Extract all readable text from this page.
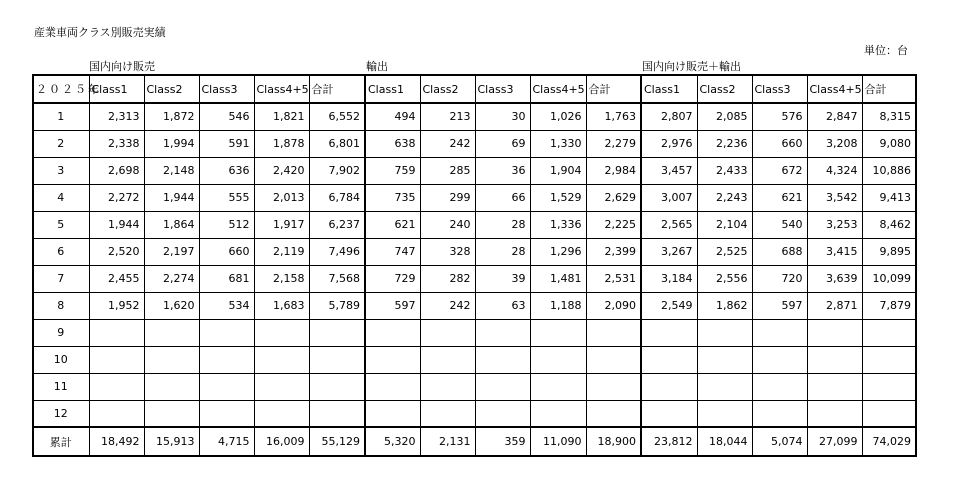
産業車両クラス別販売実績
単位：台
国内向け販売	輸出	国内向け販売＋輸出
２０２５年	Class1	Class2	Class3	Class4+5	合計	Class1	Class2	Class3	Class4+5	合計	Class1	Class2	Class3	Class4+5	合計
1	2,313	1,872	546	1,821	6,552	494	213	30	1,026	1,763	2,807	2,085	576	2,847	8,315
2	2,338	1,994	591	1,878	6,801	638	242	69	1,330	2,279	2,976	2,236	660	3,208	9,080
3	2,698	2,148	636	2,420	7,902	759	285	36	1,904	2,984	3,457	2,433	672	4,324	10,886
4	2,272	1,944	555	2,013	6,784	735	299	66	1,529	2,629	3,007	2,243	621	3,542	9,413
5	1,944	1,864	512	1,917	6,237	621	240	28	1,336	2,225	2,565	2,104	540	3,253	8,462
6	2,520	2,197	660	2,119	7,496	747	328	28	1,296	2,399	3,267	2,525	688	3,415	9,895
7	2,455	2,274	681	2,158	7,568	729	282	39	1,481	2,531	3,184	2,556	720	3,639	10,099
8	1,952	1,620	534	1,683	5,789	597	242	63	1,188	2,090	2,549	1,862	597	2,871	7,879
9															
10															
11															
12															
累計	18,492	15,913	4,715	16,009	55,129	5,320	2,131	359	11,090	18,900	23,812	18,044	5,074	27,099	74,029
